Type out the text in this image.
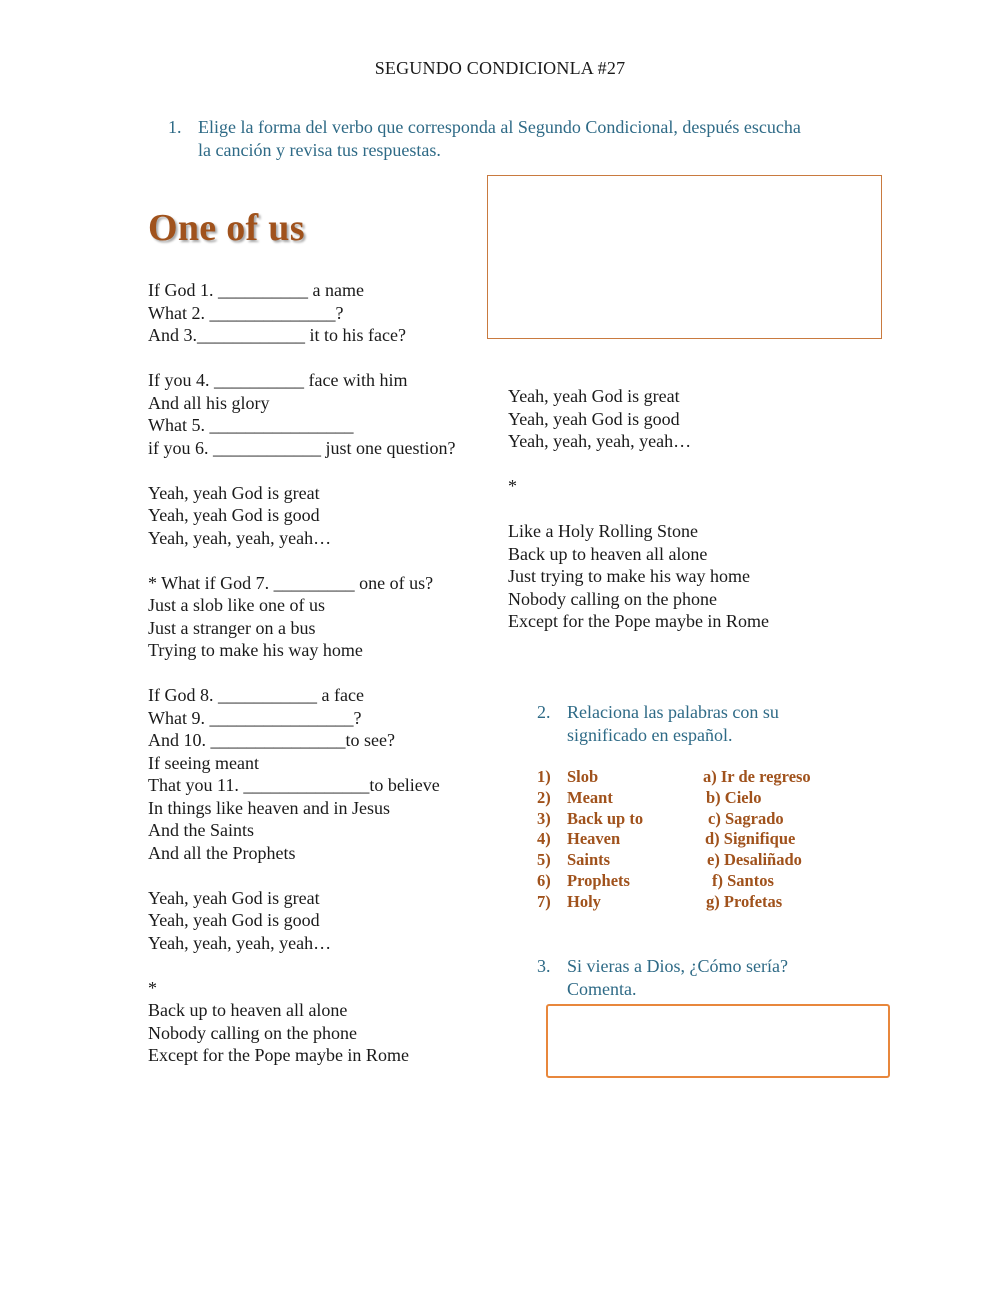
SEGUNDO CONDICIONLA #27
1. Elige la forma del verbo que corresponda al Segundo Condicional, después escucha
la canción y revisa tus respuestas.
One of us
If God 1. __________ a name
What 2. ______________?
And 3.____________ it to his face?

If you 4. __________ face with him
And all his glory
What 5. ________________
if you 6. ____________ just one question?

Yeah, yeah God is great
Yeah, yeah God is good
Yeah, yeah, yeah, yeah…

* What if God 7. _________ one of us?
Just a slob like one of us
Just a stranger on a bus
Trying to make his way home

If God 8. ___________ a face
What 9. ________________?
And 10. _______________to see?
If seeing meant
That you 11. ______________to believe
In things like heaven and in Jesus
And the Saints
And all the Prophets

Yeah, yeah God is great
Yeah, yeah God is good
Yeah, yeah, yeah, yeah…

*
Back up to heaven all alone
Nobody calling on the phone
Except for the Pope maybe in Rome
Yeah, yeah God is great
Yeah, yeah God is good
Yeah, yeah, yeah, yeah…

*

Like a Holy Rolling Stone
Back up to heaven all alone
Just trying to make his way home
Nobody calling on the phone
Except for the Pope maybe in Rome
2. Relaciona las palabras con su
significado en español.
1) Slob	a) Ir de regreso
2) Meant	b) Cielo
3) Back up to	c) Sagrado
4) Heaven	d) Signifique
5) Saints	e) Desaliñado
6) Prophets	f) Santos
7) Holy	g) Profetas
3. Si vieras a Dios, ¿Cómo sería?
Comenta.
